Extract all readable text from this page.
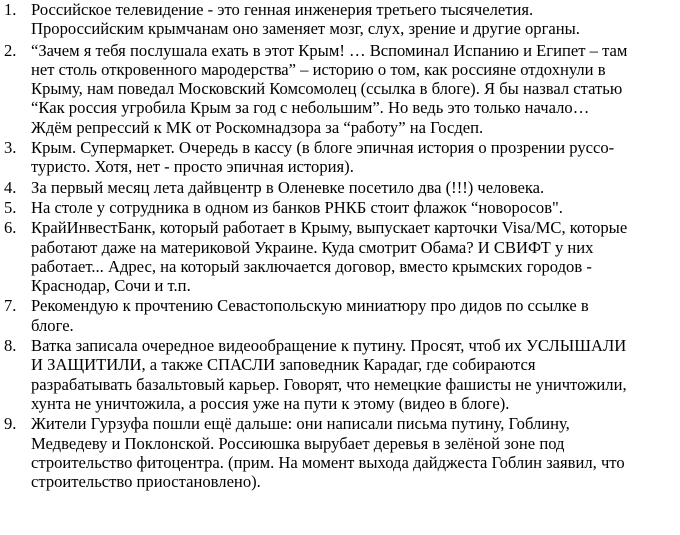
1. Российское телевидение - это генная инженерия третьего тысячелетия.
Пророссийским крымчанам оно заменяет мозг, слух, зрение и другие органы.
2. “Зачем я тебя послушала ехать в этот Крым! … Вспоминал Испанию и Египет – там
нет столь откровенного мародерства” – историю о том, как россияне отдохнули в
Крыму, нам поведал Московский Комсомолец (ссылка в блоге). Я бы назвал статью
“Как россия угробила Крым за год с небольшим”. Но ведь это только начало…
Ждём репрессий к МК от Роскомнадзора за “работу” на Госдеп.
3. Крым. Супермаркет. Очередь в кассу (в блоге эпичная история о прозрении руссо-
туристо. Хотя, нет - просто эпичная история).
4. За первый месяц лета дайвцентр в Оленевке посетило два (!!!) человека.
5. На столе у сотрудника в одном из банков РНКБ стоит флажок “новоросов".
6. КрайИнвестБанк, который работает в Крыму, выпускает карточки Visa/MC, которые
работают даже на материковой Украине. Куда смотрит Обама? И СВИФТ у них
работает... Адрес, на который заключается договор, вместо крымских городов -
Краснодар, Сочи и т.п.
7. Рекомендую к прочтению Севастопольскую миниатюру про дидов по ссылке в
блоге.
8. Ватка записала очередное видеообращение к путину. Просят, чтоб их УСЛЫШАЛИ
И ЗАЩИТИЛИ, а также СПАСЛИ заповедник Карадаг, где собираются
разрабатывать базальтовый карьер. Говорят, что немецкие фашисты не уничтожили,
хунта не уничтожила, а россия уже на пути к этому (видео в блоге).
9. Жители Гурзуфа пошли ещё дальше: они написали письма путину, Гоблину,
Медведеву и Поклонской. Россиюшка вырубает деревья в зелёной зоне под
строительство фитоцентра. (прим. На момент выхода дайджеста Гоблин заявил, что
строительство приостановлено).
